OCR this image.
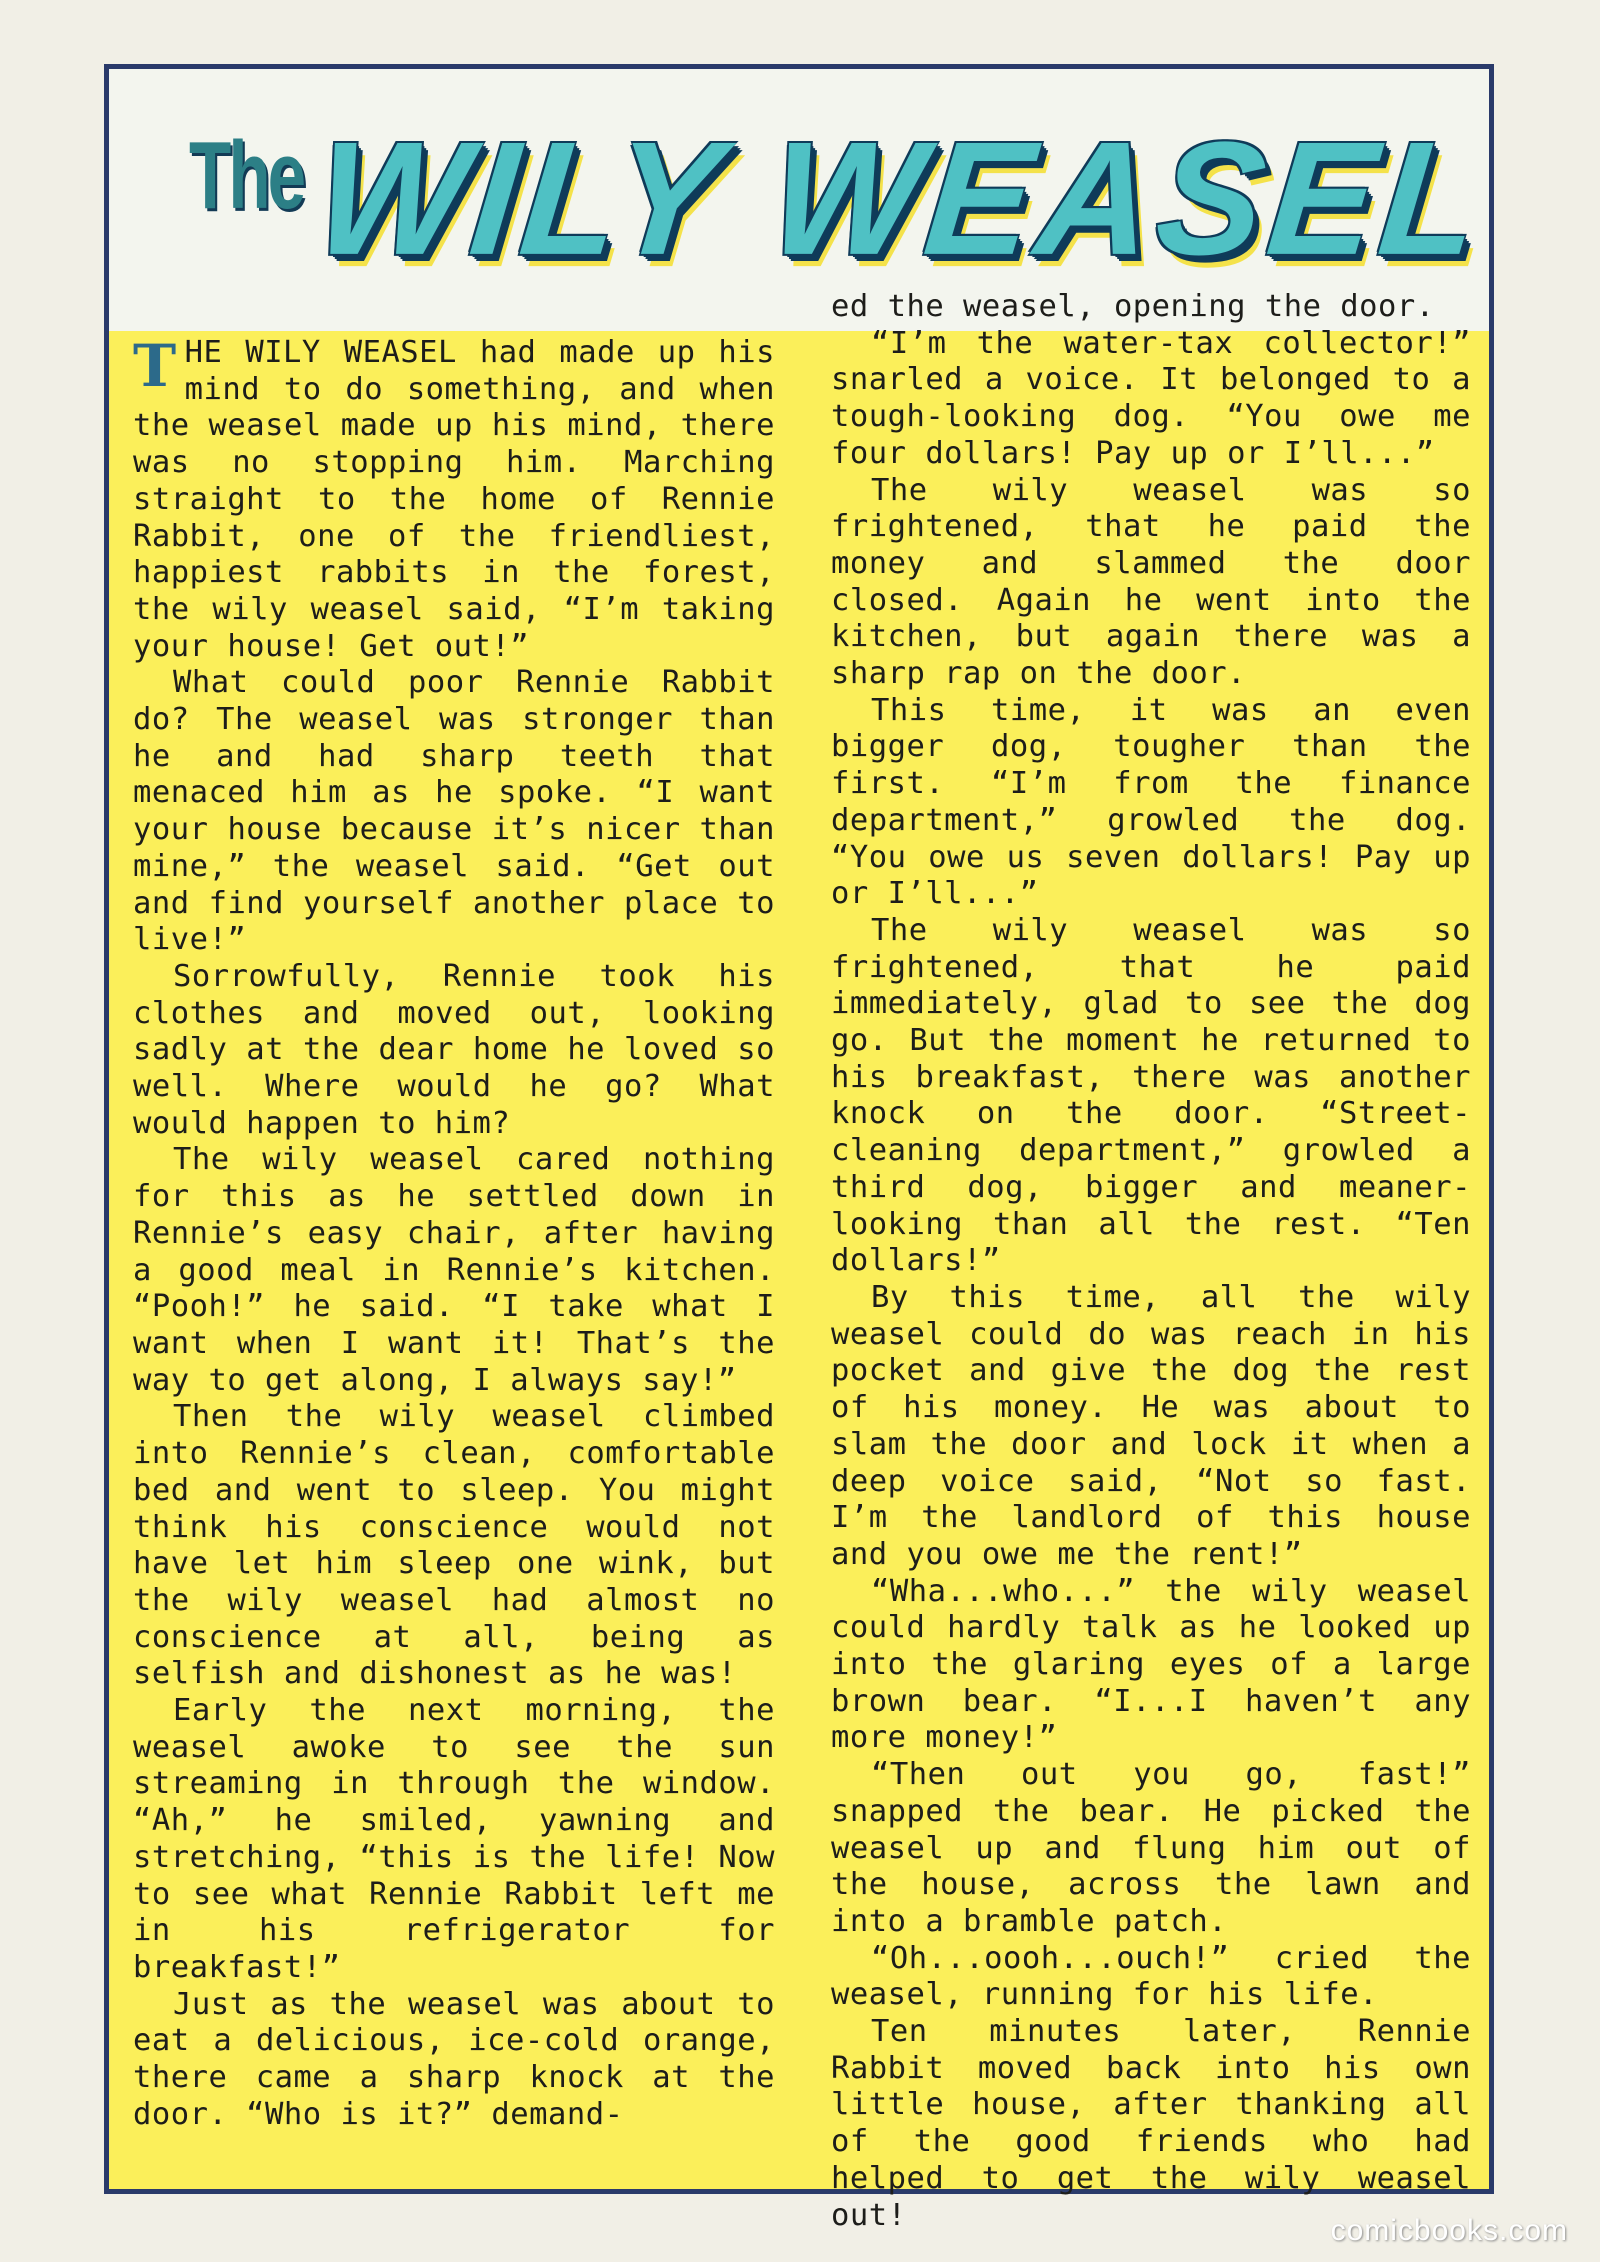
The WILY WEASEL

THE WILY WEASEL had made up his mind to do something, and when the weasel made up his mind, there was no stopping him. Marching straight to the home of Rennie Rabbit, one of the friendliest, happiest rabbits in the forest, the wily weasel said, “I’m taking your house! Get out!”

What could poor Rennie Rabbit do? The weasel was stronger than he and had sharp teeth that menaced him as he spoke. “I want your house because it’s nicer than mine,” the weasel said. “Get out and find yourself another place to live!”

Sorrowfully, Rennie took his clothes and moved out, looking sadly at the dear home he loved so well. Where would he go? What would happen to him?

The wily weasel cared nothing for this as he settled down in Rennie’s easy chair, after having a good meal in Rennie’s kitchen. “Pooh!” he said. “I take what I want when I want it! That’s the way to get along, I always say!”

Then the wily weasel climbed into Rennie’s clean, comfortable bed and went to sleep. You might think his conscience would not have let him sleep one wink, but the wily weasel had almost no conscience at all, being as selfish and dishonest as he was!

Early the next morning, the weasel awoke to see the sun streaming in through the window. “Ah,” he smiled, yawning and stretching, “this is the life! Now to see what Rennie Rabbit left me in his refrigerator for breakfast!”

Just as the weasel was about to eat a delicious, ice-cold orange, there came a sharp knock at the door. “Who is it?” demand-

ed the weasel, opening the door.

“I’m the water-tax collector!” snarled a voice. It belonged to a tough-looking dog. “You owe me four dollars! Pay up or I’ll...”

The wily weasel was so frightened, that he paid the money and slammed the door closed. Again he went into the kitchen, but again there was a sharp rap on the door.

This time, it was an even bigger dog, tougher than the first. “I’m from the finance department,” growled the dog. “You owe us seven dollars! Pay up or I’ll...”

The wily weasel was so frightened, that he paid immediately, glad to see the dog go. But the moment he returned to his breakfast, there was another knock on the door. “Street-cleaning department,” growled a third dog, bigger and meaner-looking than all the rest. “Ten dollars!”

By this time, all the wily weasel could do was reach in his pocket and give the dog the rest of his money. He was about to slam the door and lock it when a deep voice said, “Not so fast. I’m the landlord of this house and you owe me the rent!”

“Wha...who...” the wily weasel could hardly talk as he looked up into the glaring eyes of a large brown bear. “I...I haven’t any more money!”

“Then out you go, fast!” snapped the bear. He picked the weasel up and flung him out of the house, across the lawn and into a bramble patch.

“Oh...oooh...ouch!” cried the weasel, running for his life.

Ten minutes later, Rennie Rabbit moved back into his own little house, after thanking all of the good friends who had helped to get the wily weasel out!	comicbooks.com
